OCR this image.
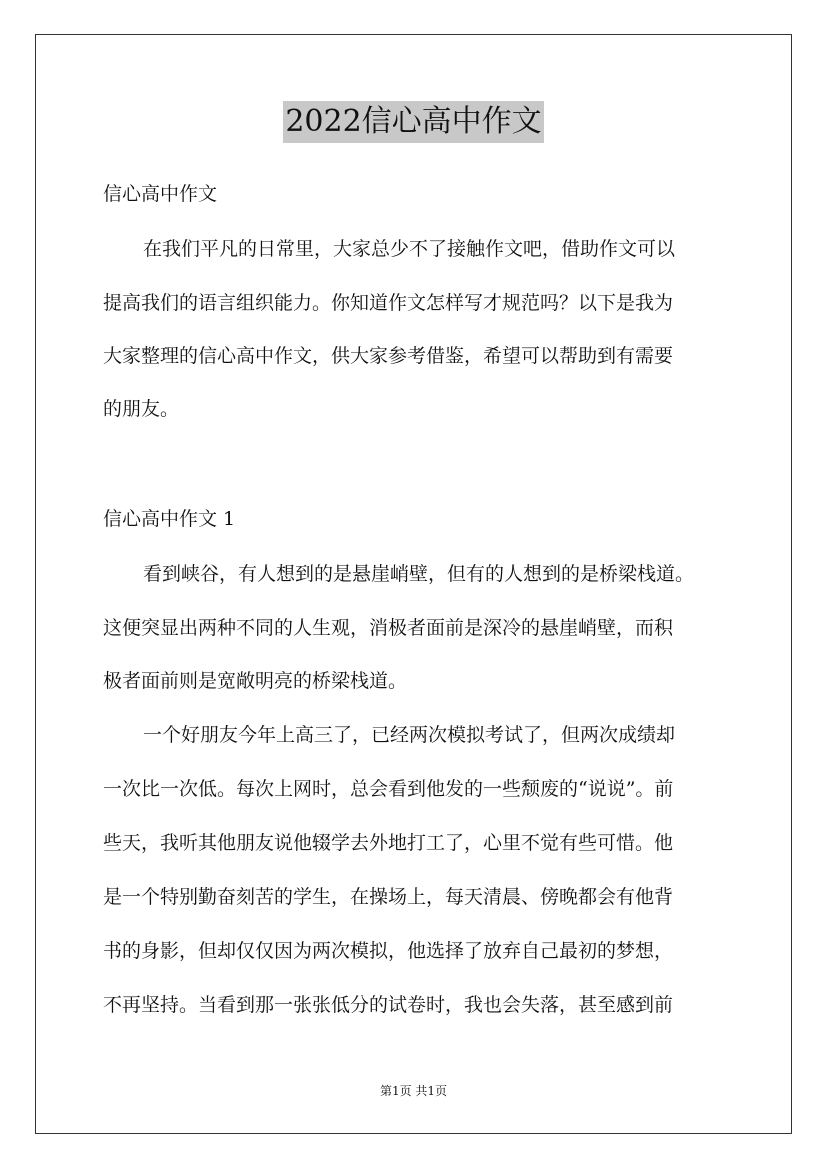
2022信心高中作文
信心高中作文
在我们平凡的日常里，大家总少不了接触作文吧，借助作文可以
提高我们的语言组织能力。你知道作文怎样写才规范吗？以下是我为
大家整理的信心高中作文，供大家参考借鉴，希望可以帮助到有需要
的朋友。
信心高中作文 1
看到峡谷，有人想到的是悬崖峭壁，但有的人想到的是桥梁栈道。
这便突显出两种不同的人生观，消极者面前是深冷的悬崖峭壁，而积
极者面前则是宽敞明亮的桥梁栈道。
一个好朋友今年上高三了，已经两次模拟考试了，但两次成绩却
一次比一次低。每次上网时，总会看到他发的一些颓废的“说说”。前
些天，我听其他朋友说他辍学去外地打工了，心里不觉有些可惜。他
是一个特别勤奋刻苦的学生，在操场上，每天清晨、傍晚都会有他背
书的身影，但却仅仅因为两次模拟，他选择了放弃自己最初的梦想，
不再坚持。当看到那一张张低分的试卷时，我也会失落，甚至感到前
第1页 共1页
